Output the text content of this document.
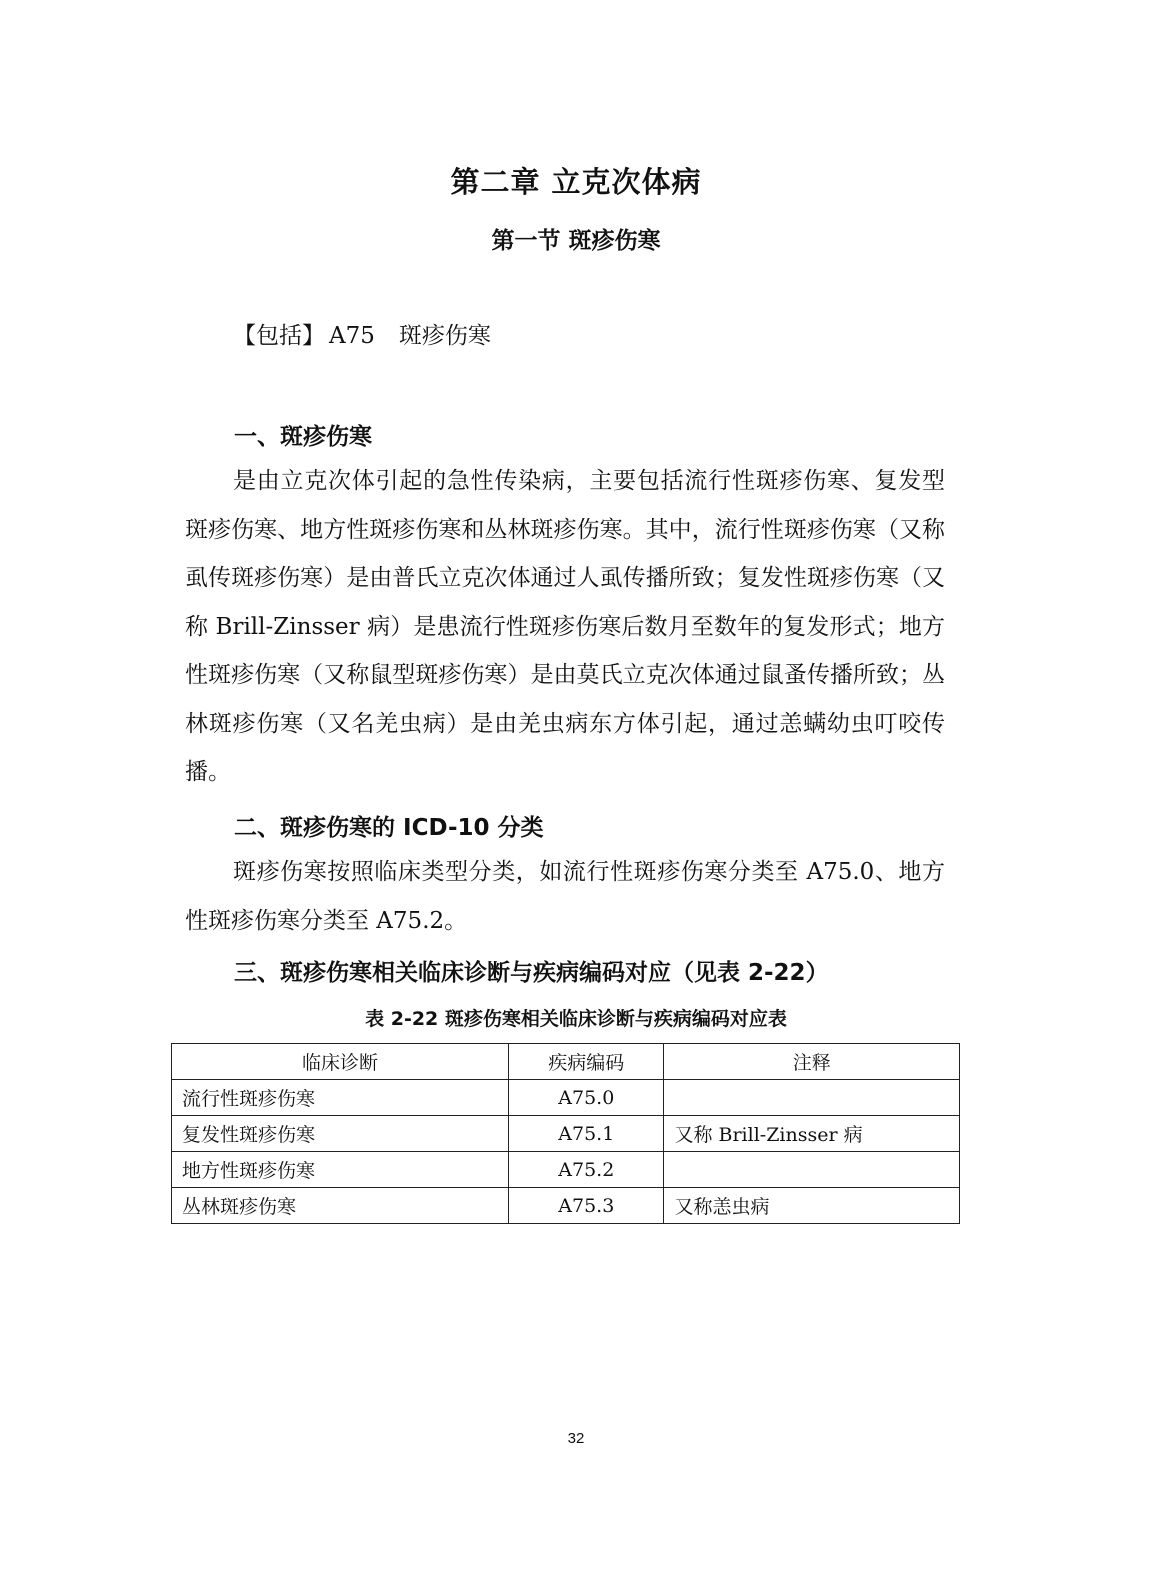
第二章 立克次体病
第一节 斑疹伤寒
【包括】 A75 斑疹伤寒
一、斑疹伤寒
是由立克次体引起的急性传染病，主要包括流行性斑疹伤寒、复发型斑疹伤寒、地方性斑疹伤寒和丛林斑疹伤寒。其中，流行性斑疹伤寒（又称虱传斑疹伤寒）是由普氏立克次体通过人虱传播所致；复发性斑疹伤寒（又称 Brill-Zinsser 病）是患流行性斑疹伤寒后数月至数年的复发形式；地方性斑疹伤寒（又称鼠型斑疹伤寒）是由莫氏立克次体通过鼠蚤传播所致；丛林斑疹伤寒（又名羌虫病）是由羌虫病东方体引起，通过恙螨幼虫叮咬传播。
二、斑疹伤寒的 ICD-10 分类
斑疹伤寒按照临床类型分类，如流行性斑疹伤寒分类至 A75.0、地方性斑疹伤寒分类至 A75.2。
三、斑疹伤寒相关临床诊断与疾病编码对应（见表 2-22）
表 2-22 斑疹伤寒相关临床诊断与疾病编码对应表
临床诊断	疾病编码	注释
流行性斑疹伤寒	A75.0	
复发性斑疹伤寒	A75.1	又称 Brill-Zinsser 病
地方性斑疹伤寒	A75.2	
丛林斑疹伤寒	A75.3	又称恙虫病
32
